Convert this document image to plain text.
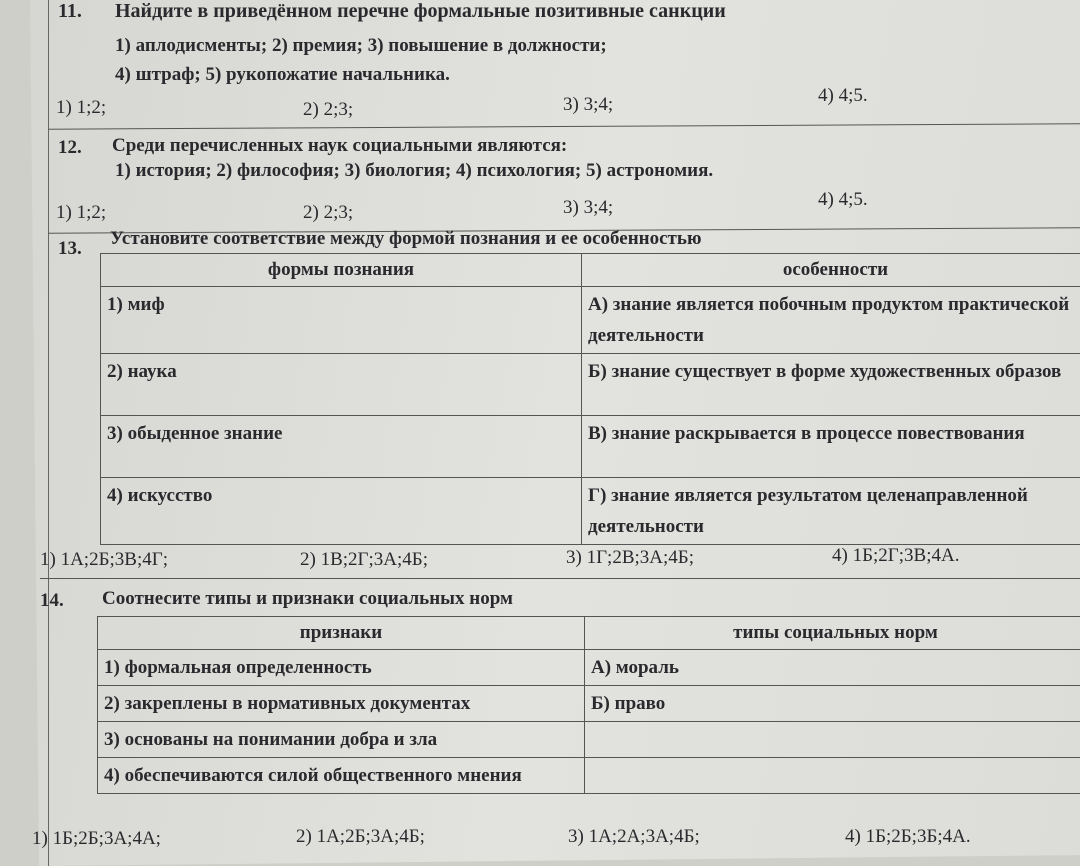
11. Найдите в приведённом перечне формальные позитивные санкции
1) аплодисменты; 2) премия; 3) повышение в должности;
4) штраф; 5) рукопожатие начальника.
1) 1;2;	2) 2;3;	3) 3;4;	4) 4;5.
12. Среди перечисленных наук социальными являются:
1) история; 2) философия; 3) биология; 4) психология; 5) астрономия.
1) 1;2;	2) 2;3;	3) 3;4;	4) 4;5.
13. Установите соответствие между формой познания и ее особенностью
формы познания	особенности
1) миф	А) знание является побочным продуктом практической деятельности
2) наука	Б) знание существует в форме художественных образов
3) обыденное знание	В) знание раскрывается в процессе повествования
4) искусство	Г) знание является результатом целенаправленной деятельности
1) 1А;2Б;3В;4Г;	2) 1В;2Г;3А;4Б;	3) 1Г;2В;3А;4Б;	4) 1Б;2Г;3В;4А.
14. Соотнесите типы и признаки социальных норм
признаки	типы социальных норм
1) формальная определенность	А) мораль
2) закреплены в нормативных документах	Б) право
3) основаны на понимании добра и зла	
4) обеспечиваются силой общественного мнения	
1) 1Б;2Б;3А;4А;	2) 1А;2Б;3А;4Б;	3) 1А;2А;3А;4Б;	4) 1Б;2Б;3Б;4А.
